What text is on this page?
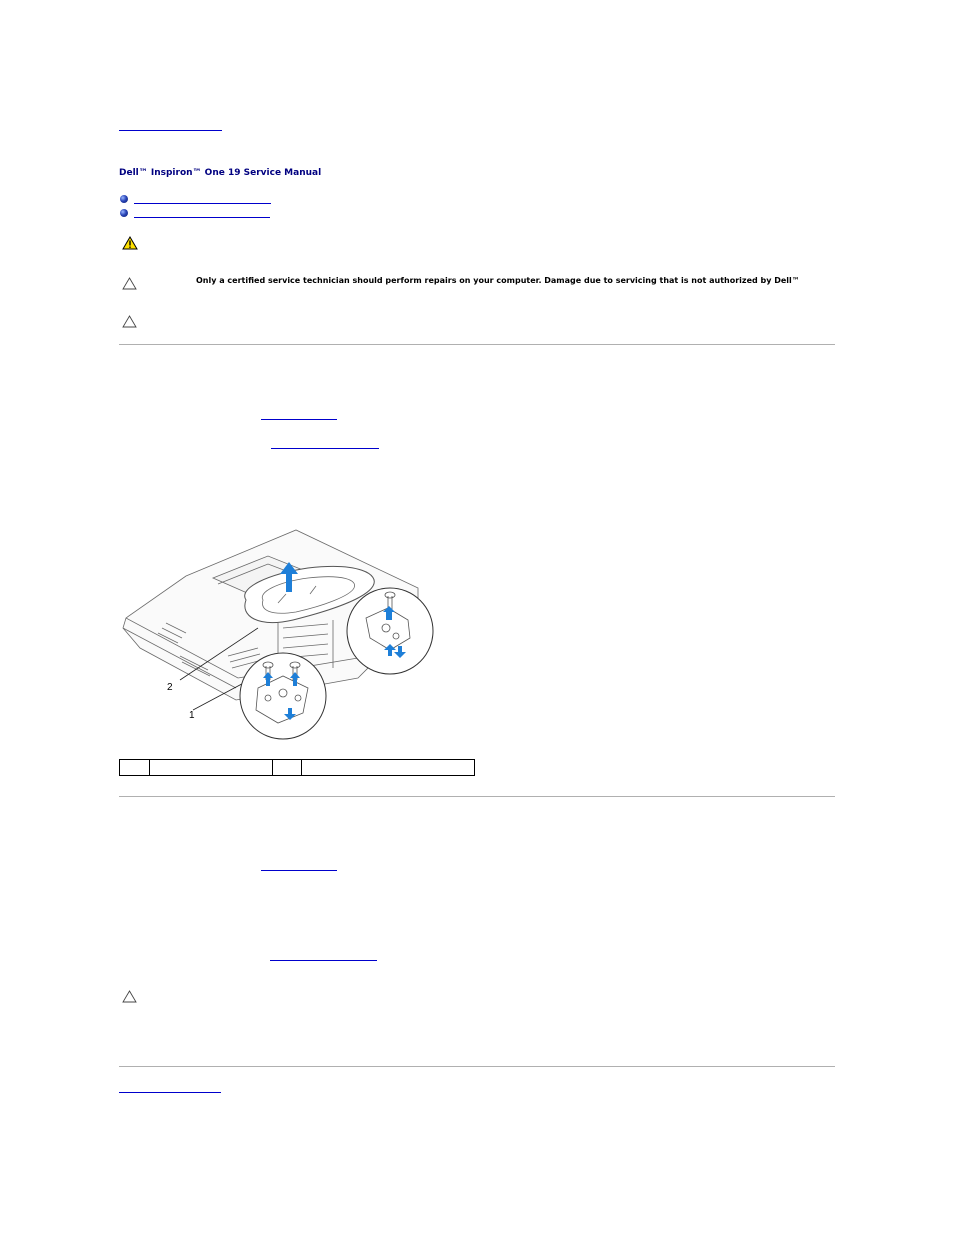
Dell™ Inspiron™ One 19 Service Manual
Only a certified service technician should perform repairs on your computer. Damage due to servicing that is not authorized by Dell™
2
1
